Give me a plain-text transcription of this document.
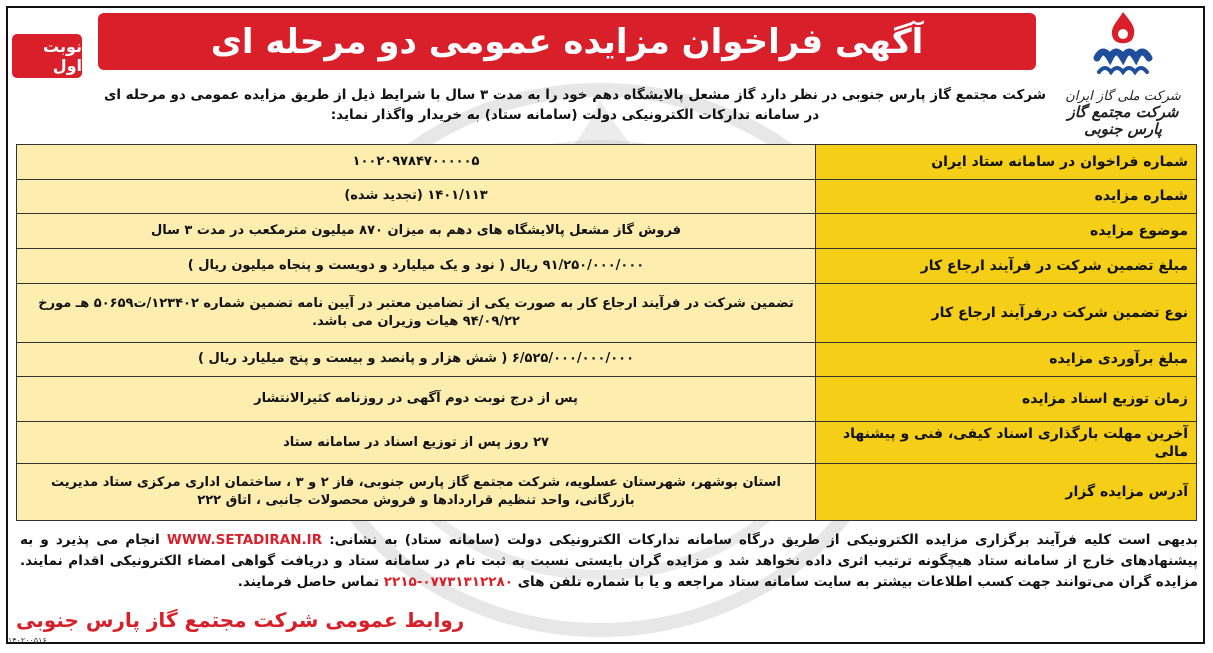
آگهی فراخوان مزایده عمومی دو مرحله ای
نوبت اول
شرکت ملی گاز ایران
شرکت مجتمع گاز پارس جنوبی
شرکت مجتمع گاز پارس جنوبی در نظر دارد گاز مشعل پالایشگاه دهم خود را به مدت ۳ سال با شرایط ذیل از طریق مزایده عمومی دو مرحله ای
در سامانه تدارکات الکترونیکی دولت (سامانه ستاد) به خریدار واگذار نماید:
شماره فراخوان در سامانه ستاد ایران	۱۰۰۲۰۹۷۸۴۷۰۰۰۰۰۵
شماره مزایده	۱۴۰۱/۱۱۳ (تجدید شده)
موضوع مزایده	فروش گاز مشعل پالایشگاه های دهم به میزان ۸۷۰ میلیون مترمکعب در مدت ۳ سال
مبلغ تضمین شرکت در فرآیند ارجاع کار	۹۱/۲۵۰/۰۰۰/۰۰۰ ریال ( نود و یک میلیارد و دویست و پنجاه میلیون ریال )
نوع تضمین شرکت درفرآیند ارجاع کار	تضمین شرکت در فرآیند ارجاع کار به صورت یکی از تضامین معتبر در آیین نامه تضمین شماره ۱۲۳۴۰۲/ت۵۰۶۵۹ هـ مورخ ۹۴/۰۹/۲۲ هیات وزیران می باشد.
مبلغ برآوردی مزایده	۶/۵۲۵/۰۰۰/۰۰۰/۰۰۰ ( شش هزار و پانصد و بیست و پنج میلیارد ریال )
زمان توزیع اسناد مزایده	پس از درج نوبت دوم آگهی در روزنامه کثیرالانتشار
آخرین مهلت بارگذاری اسناد کیفی، فنی و پیشنهاد مالی	۲۷ روز پس از توزیع اسناد در سامانه ستاد
آدرس مزایده گزار	استان بوشهر، شهرستان عسلویه، شرکت مجتمع گاز پارس جنوبی، فاز ۲ و ۳ ، ساختمان اداری مرکزی ستاد مدیریت بازرگانی، واحد تنظیم قراردادها و فروش محصولات جانبی ، اتاق ۲۲۲
بدیهی است کلیه فرآیند برگزاری مزایده الکترونیکی از طریق درگاه سامانه تدارکات الکترونیکی دولت (سامانه ستاد) به نشانی: WWW.SETADIRAN.IR انجام می پذیرد و به پیشنهادهای خارج از سامانه ستاد هیچگونه ترتیب اثری داده نخواهد شد و مزایده گران بایستی نسبت به ثبت نام در سامانه ستاد و دریافت گواهی امضاء الکترونیکی اقدام نمایند. مزایده گران می‌توانند جهت کسب اطلاعات بیشتر به سایت سامانه ستاد مراجعه و یا با شماره تلفن های ۰۷۷۳۱۳۱۲۲۸۰-۲۲۱۵ تماس حاصل فرمایند.
روابط عمومی شرکت مجتمع گاز پارس جنوبی
۱۴۰۲۰۰۵۱۶
